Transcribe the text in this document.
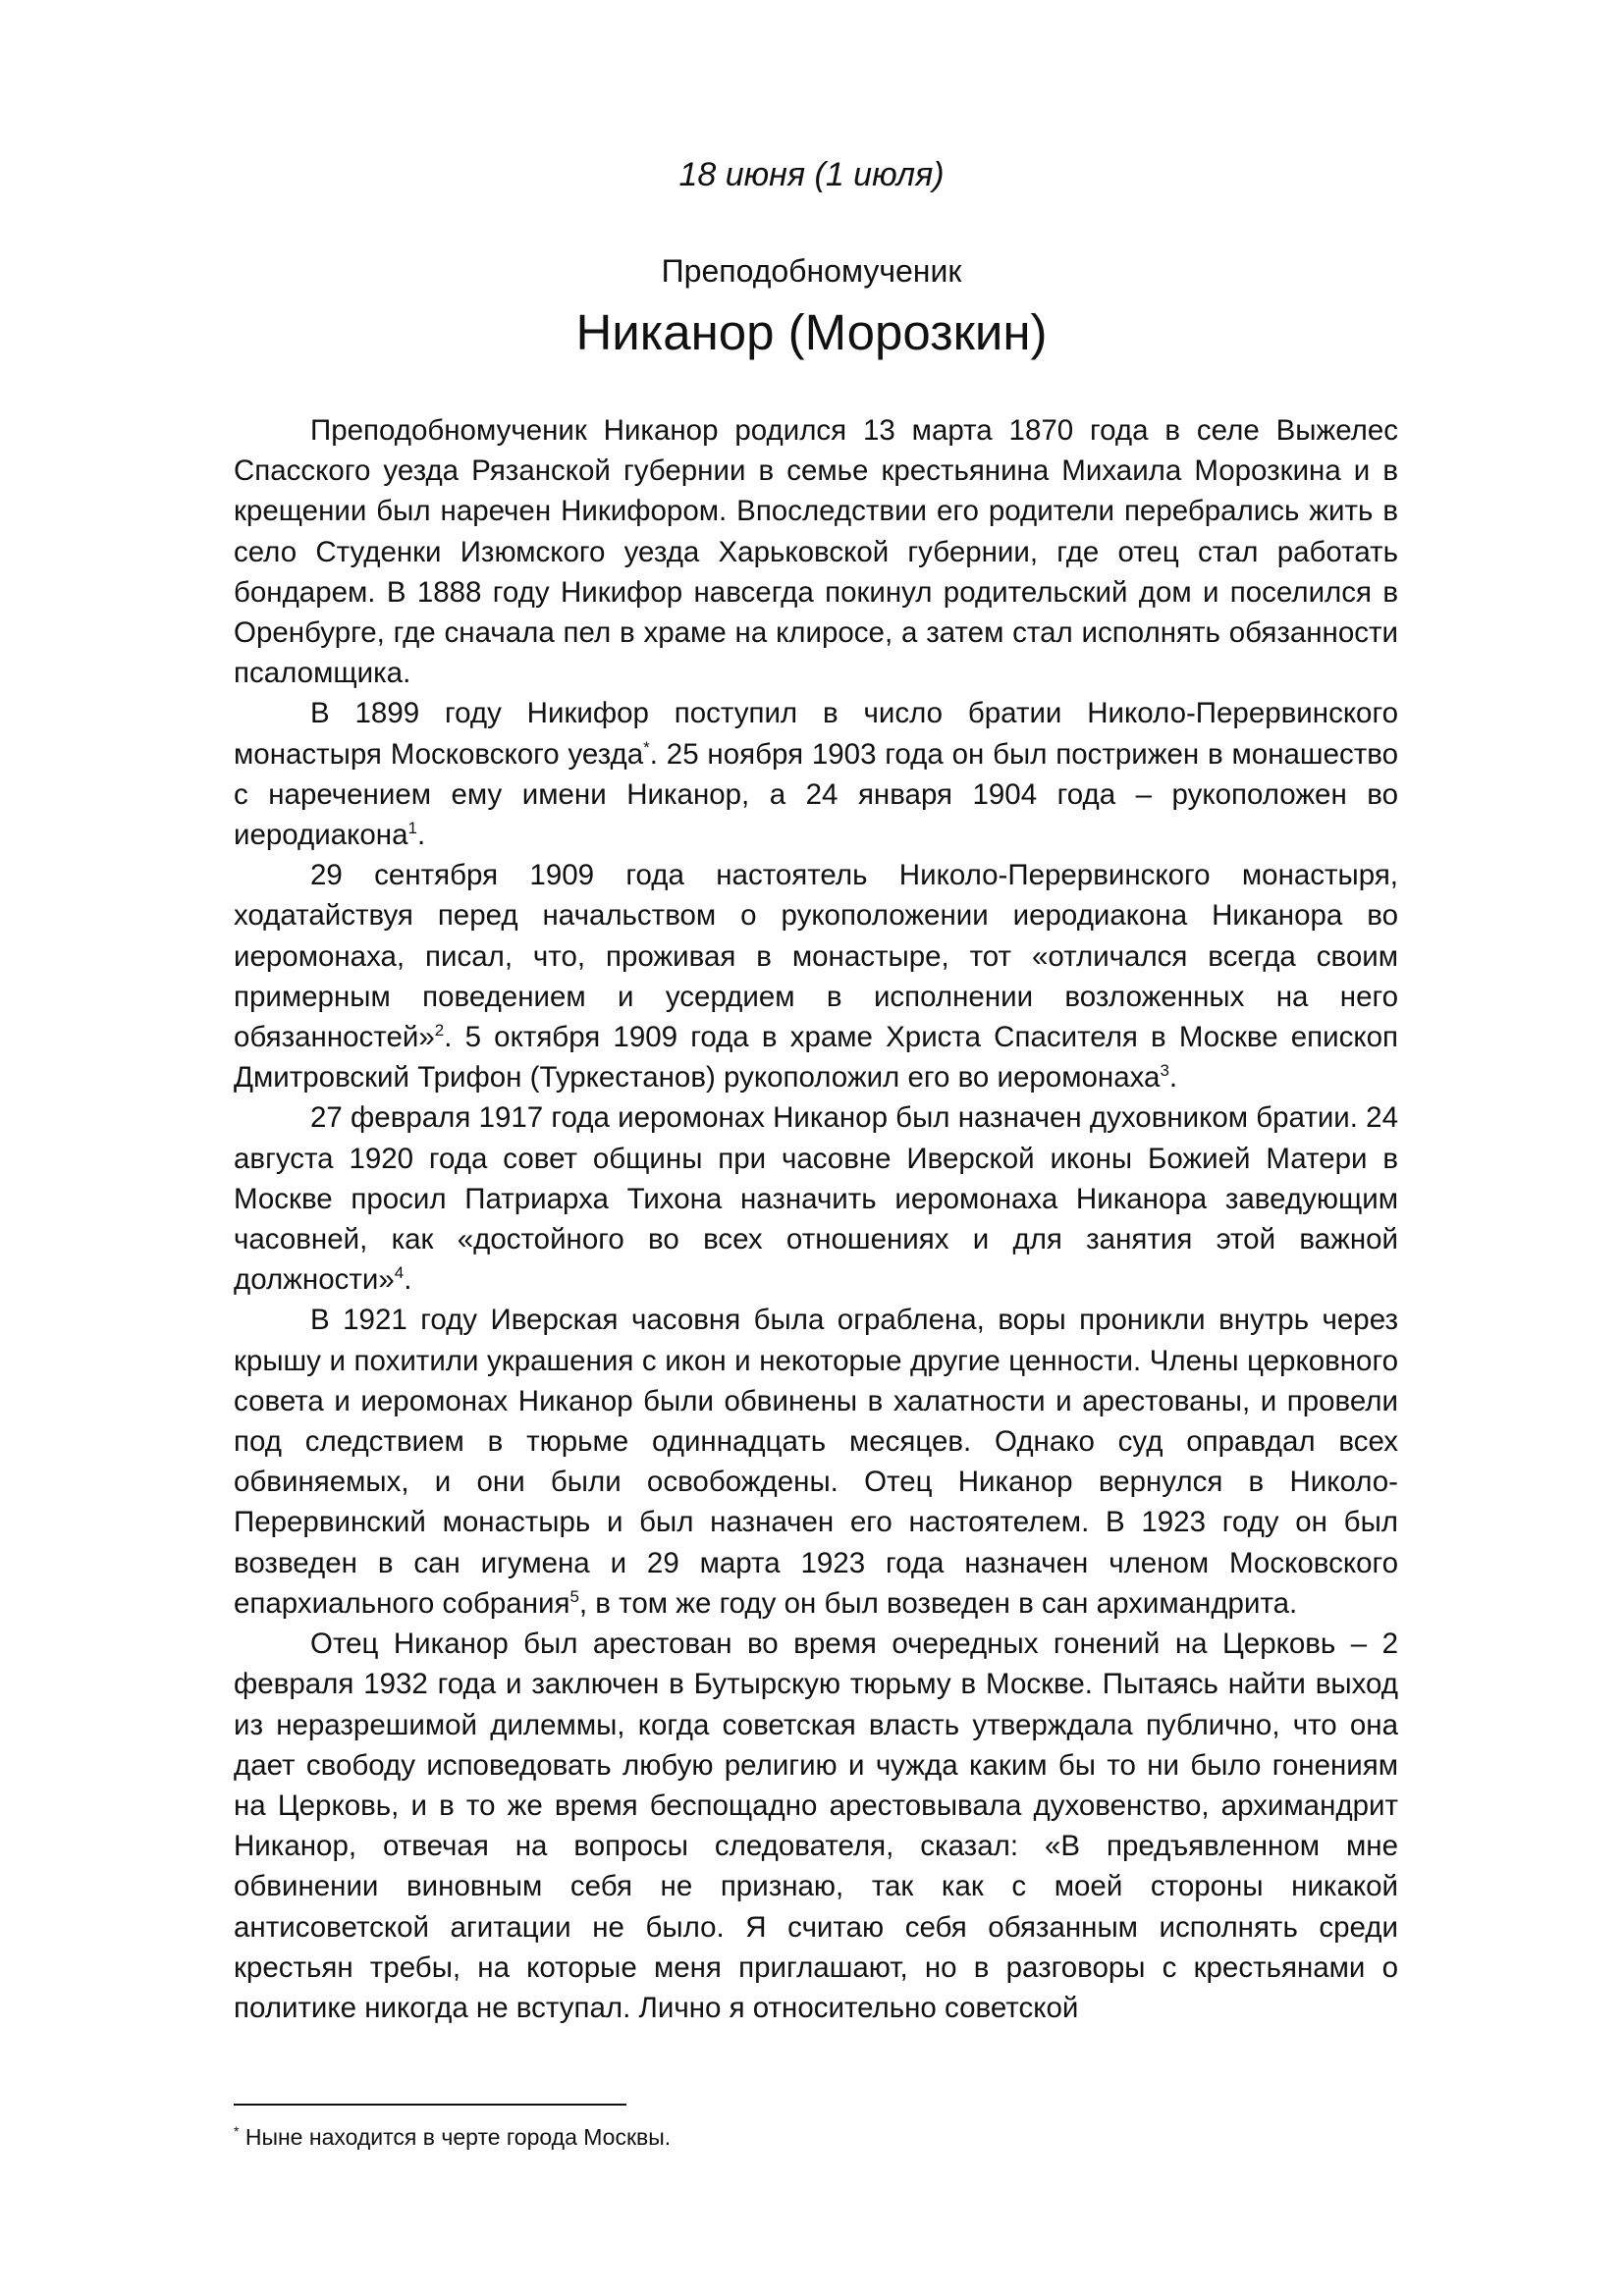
18 июня (1 июля)
Преподобномученик
Никанор (Морозкин)

Преподобномученик Никанор родился 13 марта 1870 года в селе Выжелес Спасского уезда Рязанской губернии в семье крестьянина Михаила Морозкина и в крещении был наречен Никифором. Впоследствии его родители перебрались жить в село Студенки Изюмского уезда Харьковской губернии, где отец стал работать бондарем. В 1888 году Никифор навсегда покинул родительский дом и поселился в Оренбурге, где сначала пел в храме на клиросе, а затем стал исполнять обязанности псаломщика.

В 1899 году Никифор поступил в число братии Николо-Перервинского монастыря Московского уезда*. 25 ноября 1903 года он был пострижен в монашество с наречением ему имени Никанор, а 24 января 1904 года – рукоположен во иеродиакона$^1$.

29 сентября 1909 года настоятель Николо-Перервинского монастыря, ходатайствуя перед начальством о рукоположении иеродиакона Никанора во иеромонаха, писал, что, проживая в монастыре, тот «отличался всегда своим примерным поведением и усердием в исполнении возложенных на него обязанностей»$^2$. 5 октября 1909 года в храме Христа Спасителя в Москве епископ Дмитровский Трифон (Туркестанов) рукоположил его во иеромонаха$^3$.

27 февраля 1917 года иеромонах Никанор был назначен духовником братии. 24 августа 1920 года совет общины при часовне Иверской иконы Божией Матери в Москве просил Патриарха Тихона назначить иеромонаха Никанора заведующим часовней, как «достойного во всех отношениях и для занятия этой важной должности»$^4$.

В 1921 году Иверская часовня была ограблена, воры проникли внутрь через крышу и похитили украшения с икон и некоторые другие ценности. Члены церковного совета и иеромонах Никанор были обвинены в халатности и арестованы, и провели под следствием в тюрьме одиннадцать месяцев. Однако суд оправдал всех обвиняемых, и они были освобождены. Отец Никанор вернулся в Николо-Перервинский монастырь и был назначен его настоятелем. В 1923 году он был возведен в сан игумена и 29 марта 1923 года назначен членом Московского епархиального собрания$^5$, в том же году он был возведен в сан архимандрита.

Отец Никанор был арестован во время очередных гонений на Церковь – 2 февраля 1932 года и заключен в Бутырскую тюрьму в Москве. Пытаясь найти выход из неразрешимой дилеммы, когда советская власть утверждала публично, что она дает свободу исповедовать любую религию и чужда каким бы то ни было гонениям на Церковь, и в то же время беспощадно арестовывала духовенство, архимандрит Никанор, отвечая на вопросы следователя, сказал: «В предъявленном мне обвинении виновным себя не признаю, так как с моей стороны никакой антисоветской агитации не было. Я считаю себя обязанным исполнять среди крестьян требы, на которые меня приглашают, но в разговоры с крестьянами о политике никогда не вступал. Лично я относительно советской

* Ныне находится в черте города Москвы.
